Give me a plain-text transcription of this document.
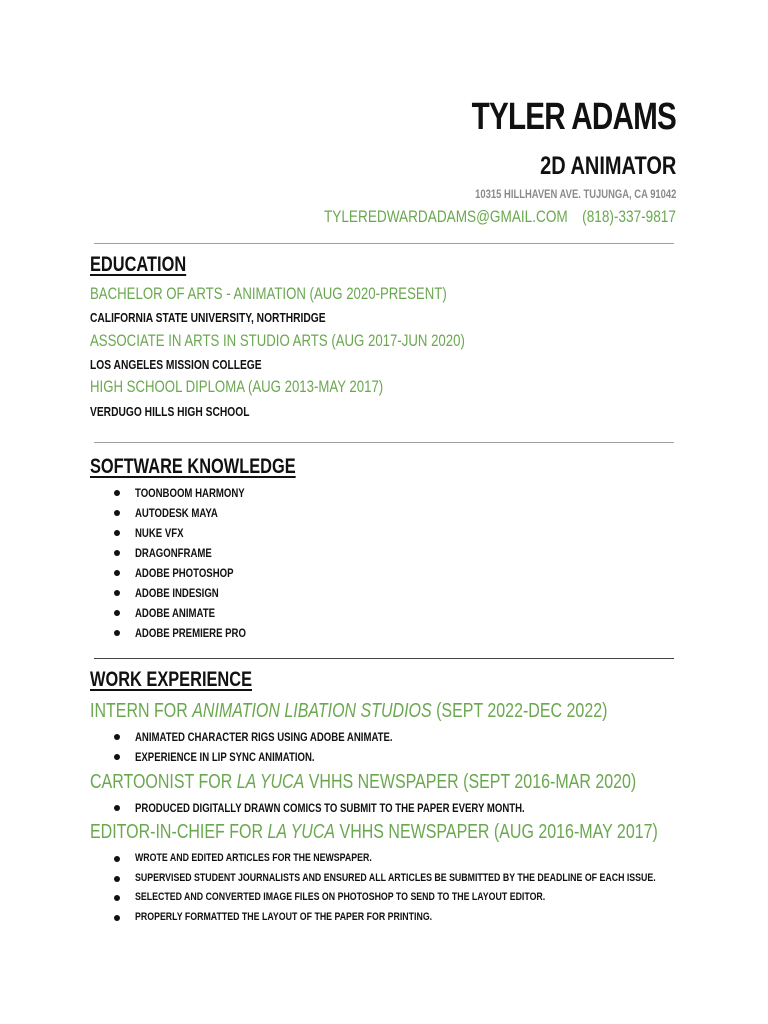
TYLER ADAMS
2D ANIMATOR
10315 HILLHAVEN AVE. TUJUNGA, CA 91042
TYLEREDWARDADAMS@GMAIL.COM (818)-337-9817
EDUCATION
BACHELOR OF ARTS - ANIMATION (AUG 2020-PRESENT)
CALIFORNIA STATE UNIVERSITY, NORTHRIDGE
ASSOCIATE IN ARTS IN STUDIO ARTS (AUG 2017-JUN 2020)
LOS ANGELES MISSION COLLEGE
HIGH SCHOOL DIPLOMA (AUG 2013-MAY 2017)
VERDUGO HILLS HIGH SCHOOL
SOFTWARE KNOWLEDGE
TOONBOOM HARMONY
AUTODESK MAYA
NUKE VFX
DRAGONFRAME
ADOBE PHOTOSHOP
ADOBE INDESIGN
ADOBE ANIMATE
ADOBE PREMIERE PRO
WORK EXPERIENCE
INTERN FOR ANIMATION LIBATION STUDIOS (SEPT 2022-DEC 2022)
ANIMATED CHARACTER RIGS USING ADOBE ANIMATE.
EXPERIENCE IN LIP SYNC ANIMATION.
CARTOONIST FOR LA YUCA VHHS NEWSPAPER (SEPT 2016-MAR 2020)
PRODUCED DIGITALLY DRAWN COMICS TO SUBMIT TO THE PAPER EVERY MONTH.
EDITOR-IN-CHIEF FOR LA YUCA VHHS NEWSPAPER (AUG 2016-MAY 2017)
WROTE AND EDITED ARTICLES FOR THE NEWSPAPER.
SUPERVISED STUDENT JOURNALISTS AND ENSURED ALL ARTICLES BE SUBMITTED BY THE DEADLINE OF EACH ISSUE.
SELECTED AND CONVERTED IMAGE FILES ON PHOTOSHOP TO SEND TO THE LAYOUT EDITOR.
PROPERLY FORMATTED THE LAYOUT OF THE PAPER FOR PRINTING.
